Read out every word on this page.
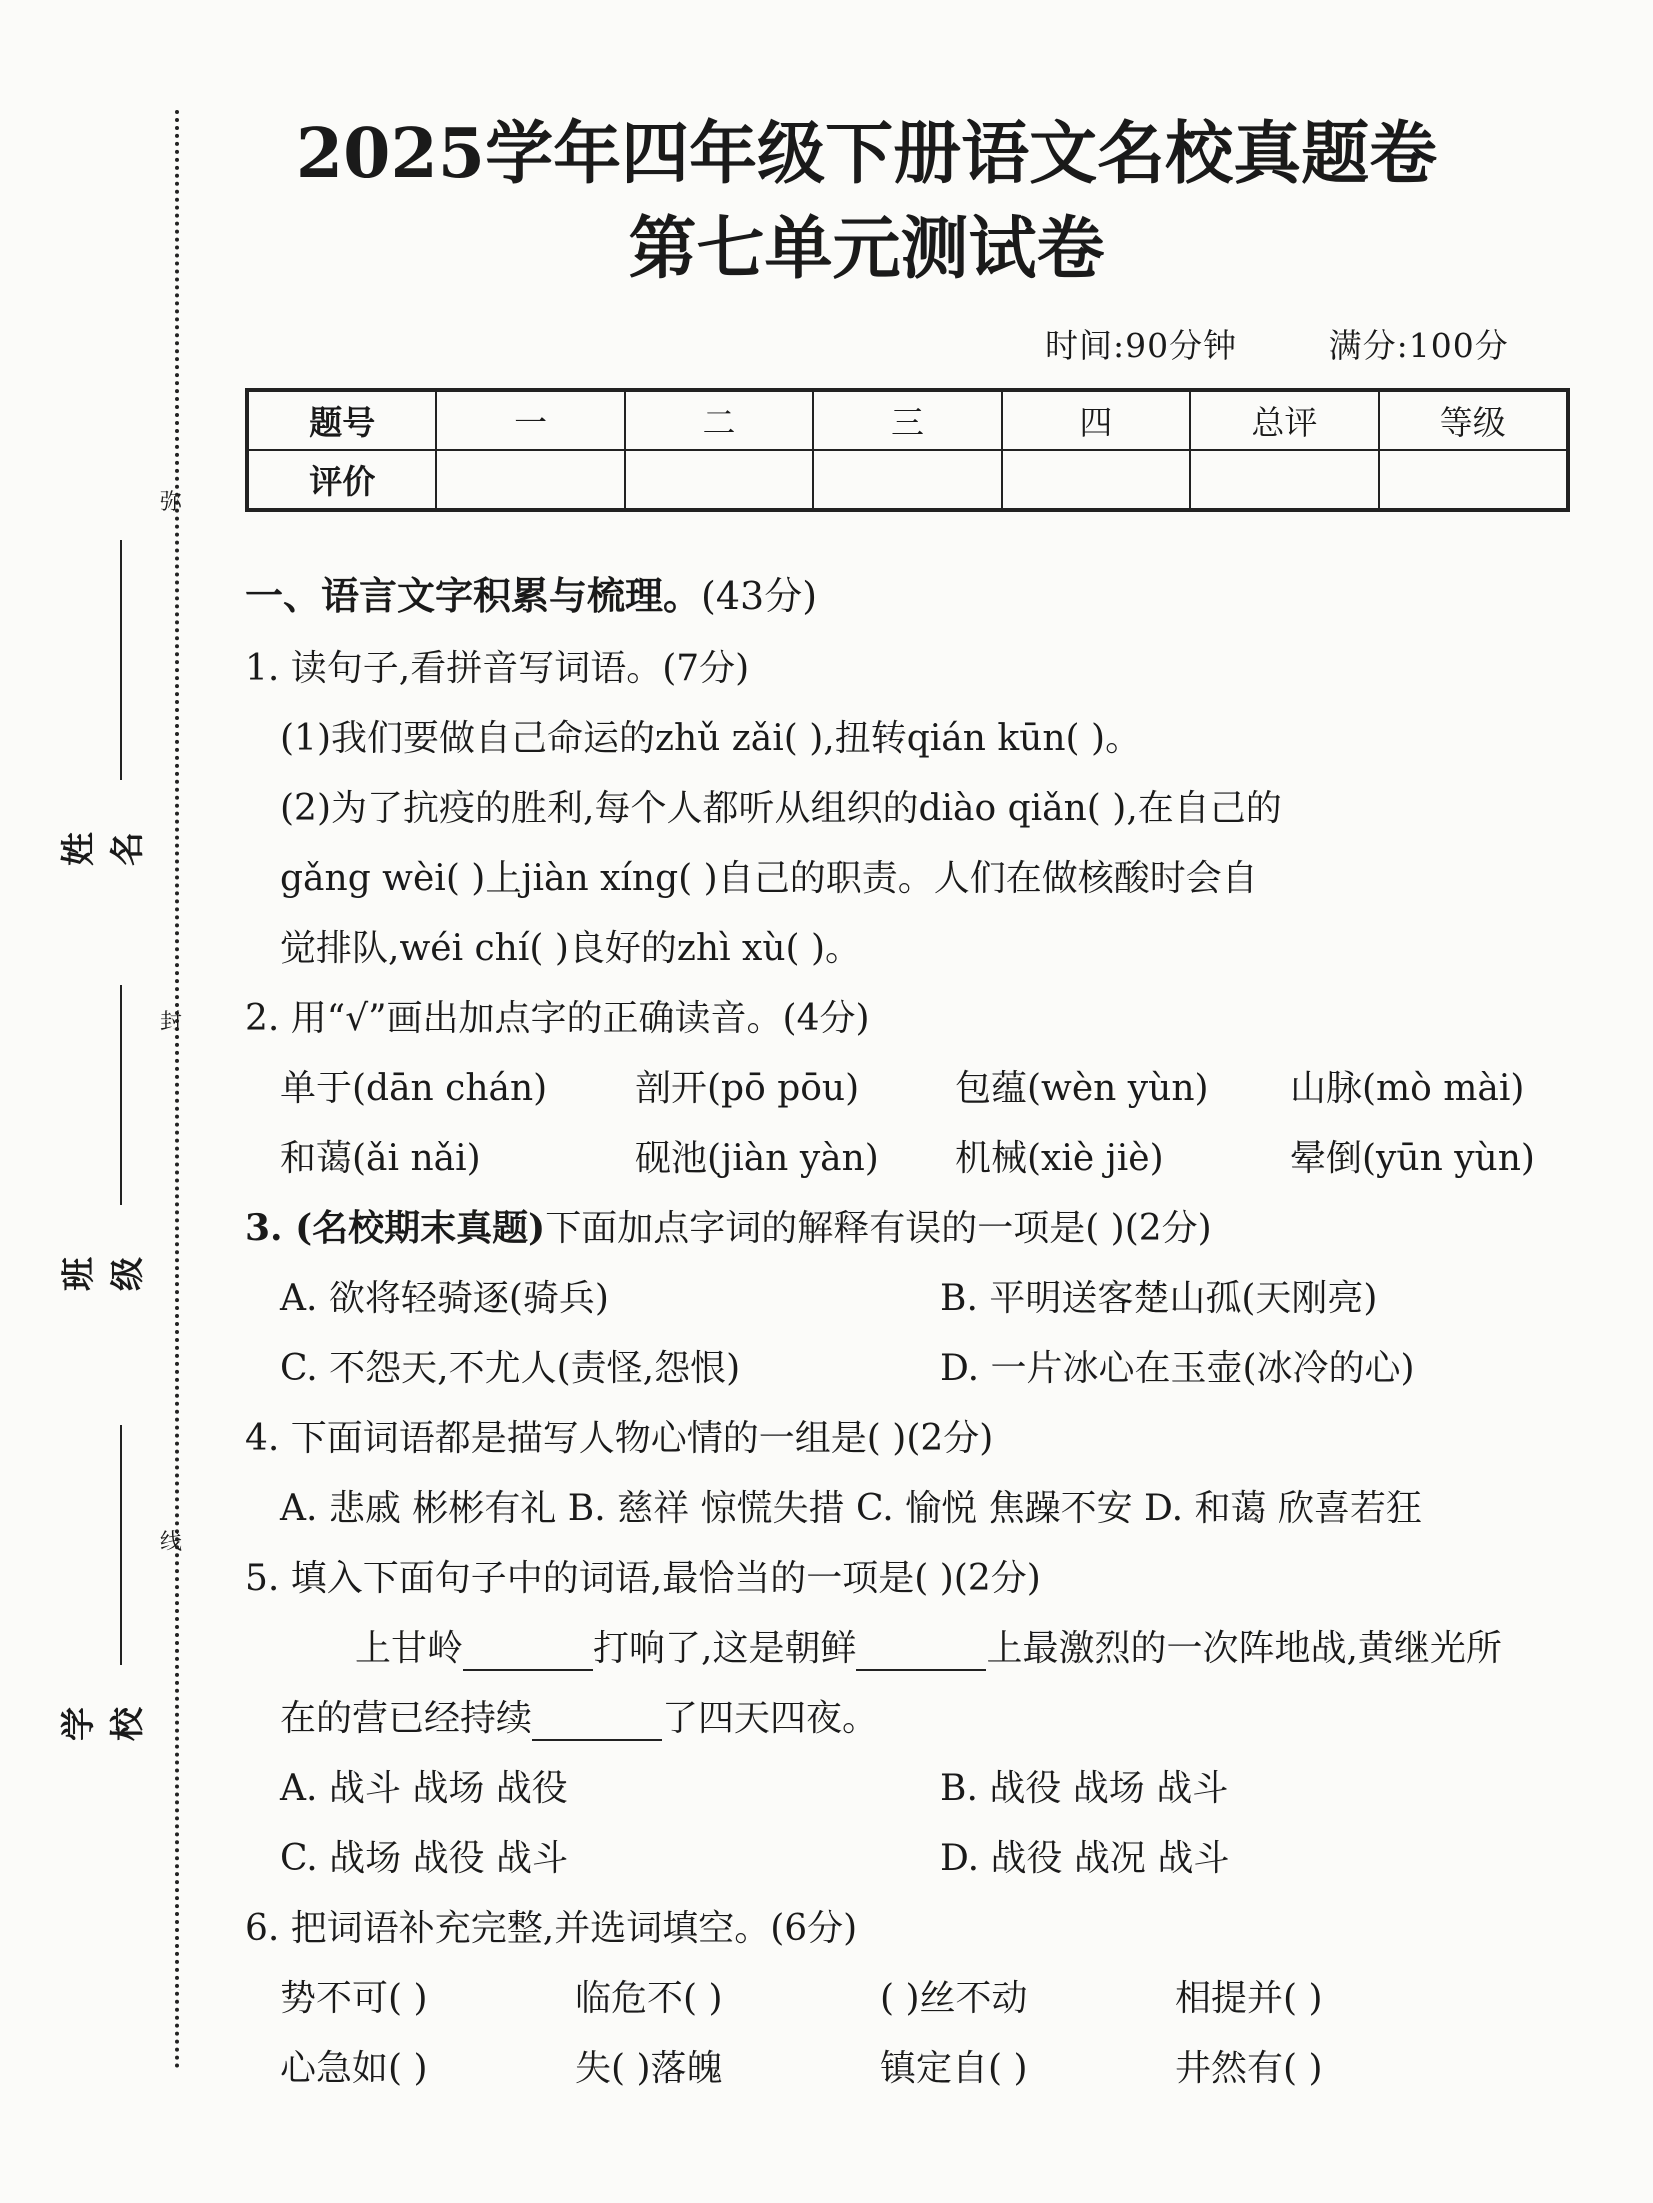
弥
封
线
姓名
班级
学校
2025学年四年级下册语文名校真题卷
第七单元测试卷
时间:90分钟	满分:100分
题号	一	二	三	四	总评	等级
评价						
一、语言文字积累与梳理。(43分)
1. 读句子,看拼音写词语。(7分)
(1)我们要做自己命运的zhǔ zǎi( ),扭转qián kūn( )。
(2)为了抗疫的胜利,每个人都听从组织的diào qiǎn( ),在自己的
gǎng wèi( )上jiàn xíng( )自己的职责。人们在做核酸时会自
觉排队,wéi chí( )良好的zhì xù( )。
2. 用“√”画出加点字的正确读音。(4分)
单于(dān chán) 剖开(pō pōu)	包蕴(wèn yùn) 山脉(mò mài)
和蔼(ǎi nǎi)	砚池(jiàn yàn) 机械(xiè jiè)	晕倒(yūn yùn)
3. (名校期末真题)下面加点字词的解释有误的一项是( )(2分)
A. 欲将轻骑逐(骑兵)	B. 平明送客楚山孤(天刚亮)
C. 不怨天,不尤人(责怪,怨恨)	D. 一片冰心在玉壶(冰冷的心)
4. 下面词语都是描写人物心情的一组是( )(2分)
A. 悲戚 彬彬有礼 B. 慈祥 惊慌失措 C. 愉悦 焦躁不安 D. 和蔼 欣喜若狂
5. 填入下面句子中的词语,最恰当的一项是( )(2分)
上甘岭	打响了,这是朝鲜	上最激烈的一次阵地战,黄继光所
在的营已经持续	了四天四夜。
A. 战斗 战场 战役	B. 战役 战场 战斗
C. 战场 战役 战斗	D. 战役 战况 战斗
6. 把词语补充完整,并选词填空。(6分)
势不可( )	临危不( )	( )丝不动	相提并( )
心急如( )	失( )落魄	镇定自( )	井然有( )
